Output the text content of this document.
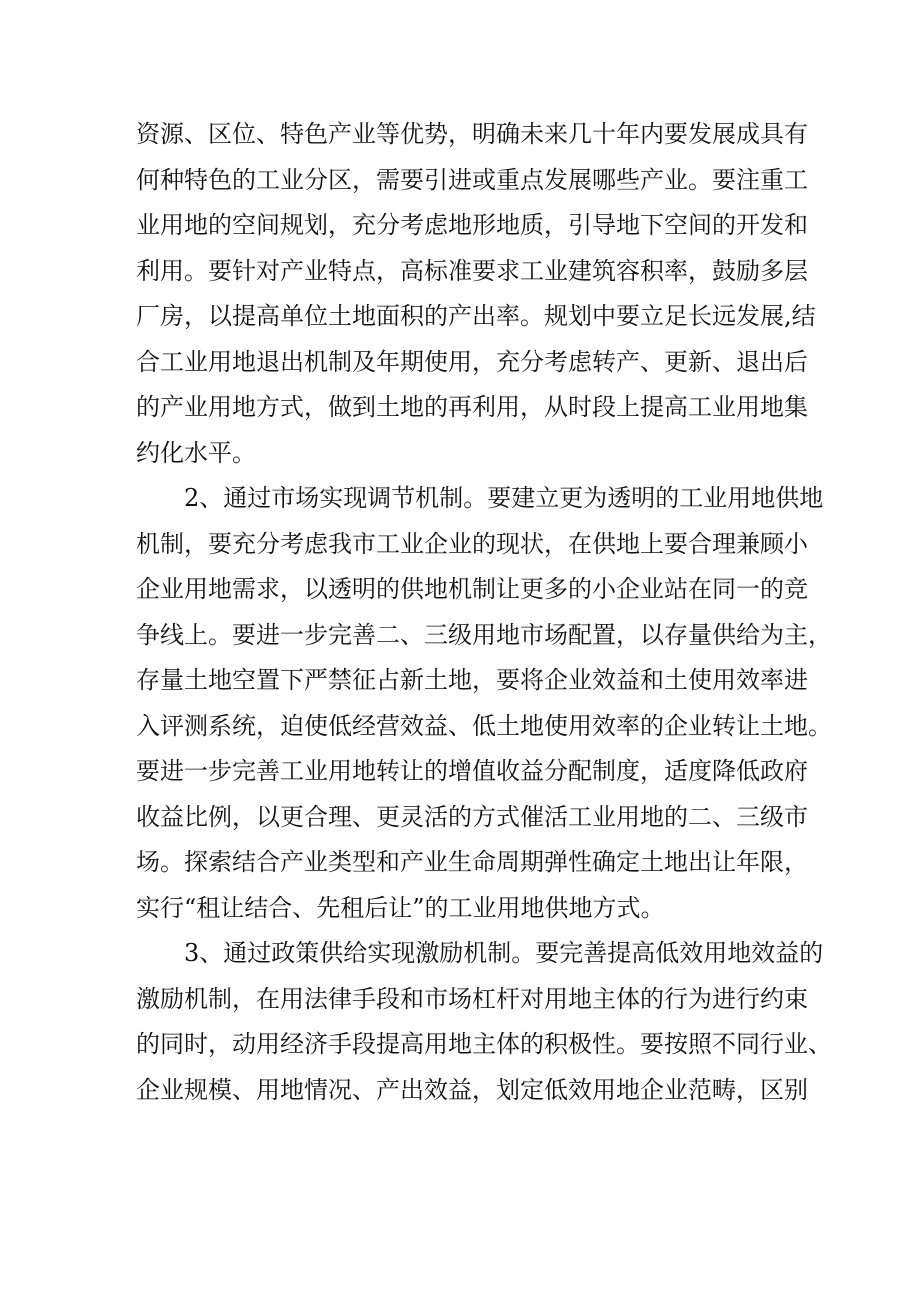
资源、区位、特色产业等优势，明确未来几十年内要发展成具有
何种特色的工业分区，需要引进或重点发展哪些产业。要注重工
业用地的空间规划，充分考虑地形地质，引导地下空间的开发和
利用。要针对产业特点，高标准要求工业建筑容积率，鼓励多层
厂房，以提高单位土地面积的产出率。规划中要立足长远发展,结
合工业用地退出机制及年期使用，充分考虑转产、更新、退出后
的产业用地方式，做到土地的再利用，从时段上提高工业用地集
约化水平。
2、通过市场实现调节机制。要建立更为透明的工业用地供地
机制，要充分考虑我市工业企业的现状，在供地上要合理兼顾小
企业用地需求，以透明的供地机制让更多的小企业站在同一的竞
争线上。要进一步完善二、三级用地市场配置，以存量供给为主，
存量土地空置下严禁征占新土地，要将企业效益和土使用效率进
入评测系统，迫使低经营效益、低土地使用效率的企业转让土地。
要进一步完善工业用地转让的增值收益分配制度，适度降低政府
收益比例，以更合理、更灵活的方式催活工业用地的二、三级市
场。探索结合产业类型和产业生命周期弹性确定土地出让年限，
实行“租让结合、先租后让”的工业用地供地方式。
3、通过政策供给实现激励机制。要完善提高低效用地效益的
激励机制，在用法律手段和市场杠杆对用地主体的行为进行约束
的同时，动用经济手段提高用地主体的积极性。要按照不同行业、
企业规模、用地情况、产出效益，划定低效用地企业范畴，区别
